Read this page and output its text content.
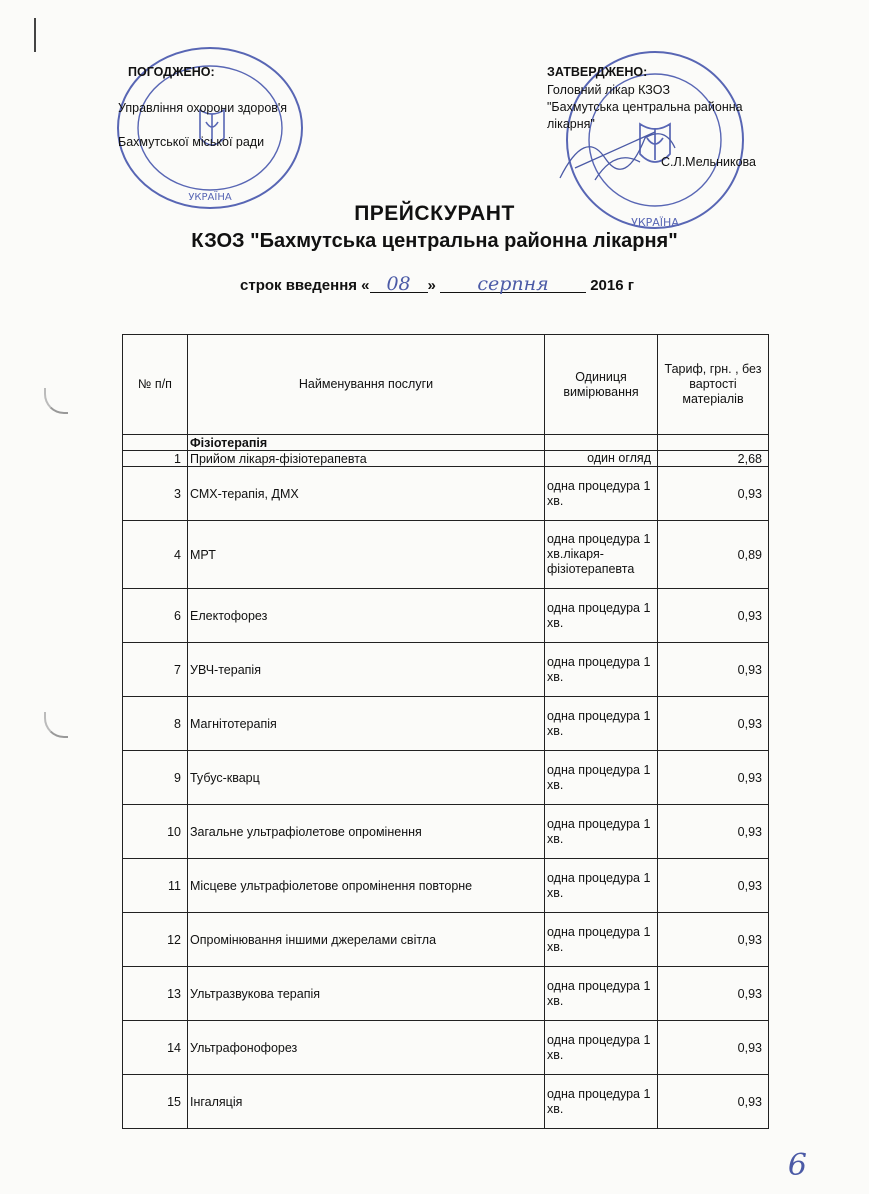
УКРАЇНА
ПОГОДЖЕНО:
Управління охорони здоров'я
Бахмутської міської ради
УКРАЇНА
ЗАТВЕРДЖЕНО:
Головний лікар КЗОЗ
"Бахмутська центральна районна
лікарня"
С.Л.Мельникова
ПРЕЙСКУРАНТ
КЗОЗ "Бахмутська центральна районна лікарня"
строк введення « 08 » серпня	2016 г
№ п/п	Найменування послуги	Одиниця вимірювання	Тариф, грн. , без вартості матеріалів
	Фізіотерапія		
1	Прийом лікаря-фізіотерапевта	один огляд	2,68
3	СМХ-терапія, ДМХ	одна процедура 1 хв.	0,93
4	МРТ	одна процедура 1 хв.лікаря-фізіотерапевта	0,89
6	Електофорез	одна процедура 1 хв.	0,93
7	УВЧ-терапія	одна процедура 1 хв.	0,93
8	Магнітотерапія	одна процедура 1 хв.	0,93
9	Тубус-кварц	одна процедура 1 хв.	0,93
10	Загальне ультрафіолетове опромінення	одна процедура 1 хв.	0,93
11	Місцеве ультрафіолетове опромінення повторне	одна процедура 1 хв.	0,93
12	Опромінювання іншими джерелами світла	одна процедура 1 хв.	0,93
13	Ультразвукова терапія	одна процедура 1 хв.	0,93
14	Ультрафонофорез	одна процедура 1 хв.	0,93
15	Інгаляція	одна процедура 1 хв.	0,93
6
